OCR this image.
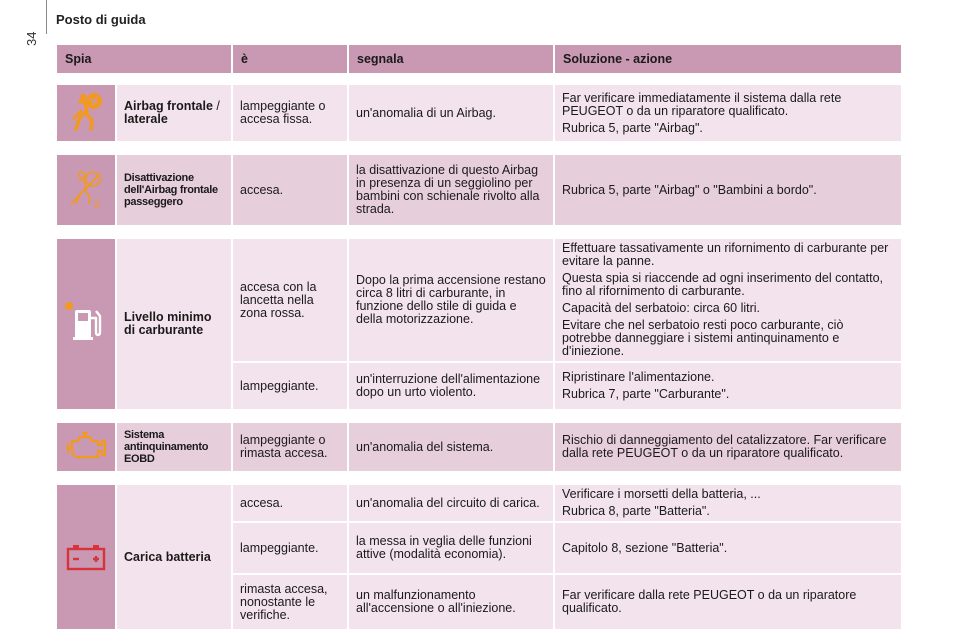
34
Posto di guida
Spia		è	segnala	Soluzione - azione

	Airbag frontale / laterale	lampeggiante o accesa fissa.	un'anomalia di un Airbag.	Far verificare immediatamente il sistema dalla rete PEUGEOT o da un riparatore qualificato.

Rubrica 5, parte "Airbag".

2	Disattivazione dell'Airbag frontale passeggero	accesa.	la disattivazione di questo Airbag in presenza di un seggiolino per bambini con schienale rivolto alla strada.	Rubrica 5, parte "Airbag" o "Bambini a bordo".

	Livello minimo di carburante	accesa con la lancetta nella zona rossa.	Dopo la prima accensione restano circa 8 litri di carburante, in funzione dello stile di guida e della motorizzazione.	Effettuare tassativamente un rifornimento di carburante per evitare la panne.

Questa spia si riaccende ad ogni inserimento del contatto, fino al rifornimento di carburante.

Capacità del serbatoio: circa 60 litri.

Evitare che nel serbatoio resti poco carburante, ciò potrebbe danneggiare i sistemi antinquinamento e d'iniezione.

		lampeggiante.	un'interruzione dell'alimentazione dopo un urto violento.	Ripristinare l'alimentazione.

Rubrica 7, parte "Carburante".

	Sistema antinquinamento EOBD	lampeggiante o rimasta accesa.	un'anomalia del sistema.	Rischio di danneggiamento del catalizzatore. Far verificare dalla rete PEUGEOT o da un riparatore qualificato.

	Carica batteria	accesa.	un'anomalia del circuito di carica.	Verificare i morsetti della batteria, ...

Rubrica 8, parte "Batteria".

		lampeggiante.	la messa in veglia delle funzioni attive (modalità economia).	Capitolo 8, sezione "Batteria".

		rimasta accesa, nonostante le verifiche.	un malfunzionamento all'accensione o all'iniezione.	Far verificare dalla rete PEUGEOT o da un riparatore qualificato.
